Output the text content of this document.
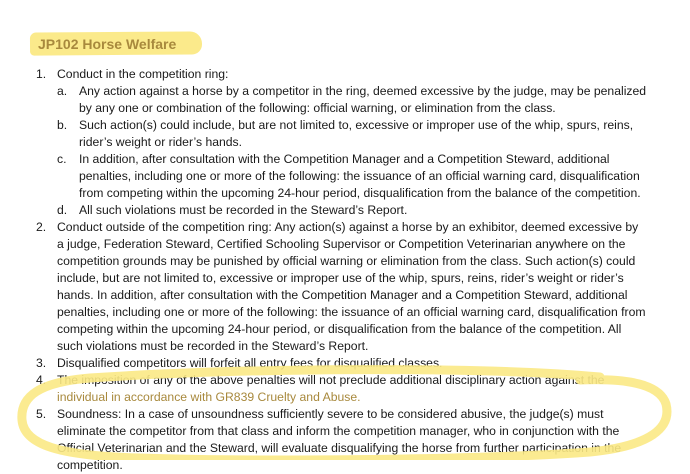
JP102 Horse Welfare
1. Conduct in the competition ring:
a. Any action against a horse by a competitor in the ring, deemed excessive by the judge, may be penalized
by any one or combination of the following: official warning, or elimination from the class.
b. Such action(s) could include, but are not limited to, excessive or improper use of the whip, spurs, reins,
rider’s weight or rider’s hands.
c. In addition, after consultation with the Competition Manager and a Competition Steward, additional
penalties, including one or more of the following: the issuance of an official warning card, disqualification
from competing within the upcoming 24-hour period, disqualification from the balance of the competition.
d. All such violations must be recorded in the Steward’s Report.
2. Conduct outside of the competition ring: Any action(s) against a horse by an exhibitor, deemed excessive by
a judge, Federation Steward, Certified Schooling Supervisor or Competition Veterinarian anywhere on the
competition grounds may be punished by official warning or elimination from the class. Such action(s) could
include, but are not limited to, excessive or improper use of the whip, spurs, reins, rider’s weight or rider’s
hands. In addition, after consultation with the Competition Manager and a Competition Steward, additional
penalties, including one or more of the following: the issuance of an official warning card, disqualification from
competing within the upcoming 24-hour period, or disqualification from the balance of the competition. All
such violations must be recorded in the Steward’s Report.
3. Disqualified competitors will forfeit all entry fees for disqualified classes.
4. The imposition of any of the above penalties will not preclude additional disciplinary action against the
individual in accordance with GR839 Cruelty and Abuse.
5. Soundness: In a case of unsoundness sufficiently severe to be considered abusive, the judge(s) must
eliminate the competitor from that class and inform the competition manager, who in conjunction with the
Official Veterinarian and the Steward, will evaluate disqualifying the horse from further participation in the
competition.
